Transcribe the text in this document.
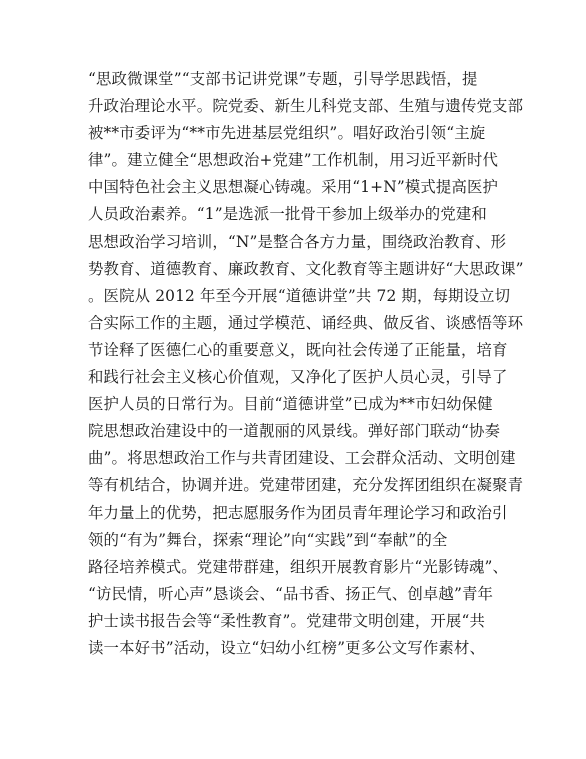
“思政微课堂”“支部书记讲党课”专题，引导学思践悟，提
升政治理论水平。院党委、新生儿科党支部、生殖与遗传党支部
被**市委评为“**市先进基层党组织”。唱好政治引领“主旋
律”。建立健全“思想政治+党建”工作机制，用习近平新时代
中国特色社会主义思想凝心铸魂。采用“1+N”模式提高医护
人员政治素养。“1”是选派一批骨干参加上级举办的党建和
思想政治学习培训，“N”是整合各方力量，围绕政治教育、形
势教育、道德教育、廉政教育、文化教育等主题讲好“大思政课”
。医院从 2012 年至今开展“道德讲堂”共 72 期，每期设立切
合实际工作的主题，通过学模范、诵经典、做反省、谈感悟等环
节诠释了医德仁心的重要意义，既向社会传递了正能量，培育
和践行社会主义核心价值观，又净化了医护人员心灵，引导了
医护人员的日常行为。目前“道德讲堂”已成为**市妇幼保健
院思想政治建设中的一道靓丽的风景线。弹好部门联动“协奏
曲”。将思想政治工作与共青团建设、工会群众活动、文明创建
等有机结合，协调并进。党建带团建，充分发挥团组织在凝聚青
年力量上的优势，把志愿服务作为团员青年理论学习和政治引
领的“有为”舞台，探索“理论”向“实践”到“奉献”的全
路径培养模式。党建带群建，组织开展教育影片“光影铸魂”、
“访民情，听心声”恳谈会、“品书香、扬正气、创卓越”青年
护士读书报告会等“柔性教育”。党建带文明创建，开展“共
读一本好书”活动，设立“妇幼小红榜”更多公文写作素材、
